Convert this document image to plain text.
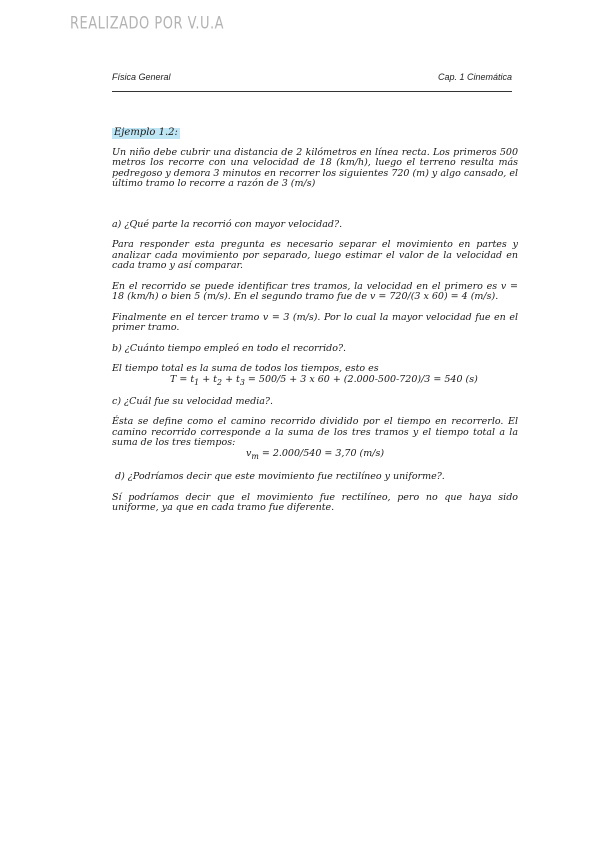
REALIZADO POR V.U.A
Física General	Cap. 1 Cinemática
Ejemplo 1.2:

Un niño debe cubrir una distancia de 2 kilómetros en línea recta. Los primeros 500 metros los recorre con una velocidad de 18 (km/h), luego el terreno resulta más pedregoso y demora 3 minutos en recorrer los siguientes 720 (m) y algo cansado, el último tramo lo recorre a razón de 3 (m/s)

a) ¿Qué parte la recorrió con mayor velocidad?.

Para responder esta pregunta es necesario separar el movimiento en partes y analizar cada movimiento por separado, luego estimar el valor de la velocidad en cada tramo y así comparar.

En el recorrido se puede identificar tres tramos, la velocidad en el primero es v = 18 (km/h) o bien 5 (m/s). En el segundo tramo fue de v = 720/(3 x 60) = 4 (m/s).

Finalmente en el tercer tramo v = 3 (m/s). Por lo cual la mayor velocidad fue en el primer tramo.

b) ¿Cuánto tiempo empleó en todo el recorrido?.

El tiempo total es la suma de todos los tiempos, esto es

$T = t_1 + t_2 + t_3 = 500/5 + 3$ x 60 + (2.000-500-720)/3 = 540 (s)

c) ¿Cuál fue su velocidad media?.

Ésta se define como el camino recorrido dividido por el tiempo en recorrerlo. El camino recorrido corresponde a la suma de los tres tramos y el tiempo total a la suma de los tres tiempos:

$v_m = 2.000/540 = 3,70$ (m/s)

d) ¿Podríamos decir que este movimiento fue rectilíneo y uniforme?.

Sí podríamos decir que el movimiento fue rectilíneo, pero no que haya sido uniforme, ya que en cada tramo fue diferente.
